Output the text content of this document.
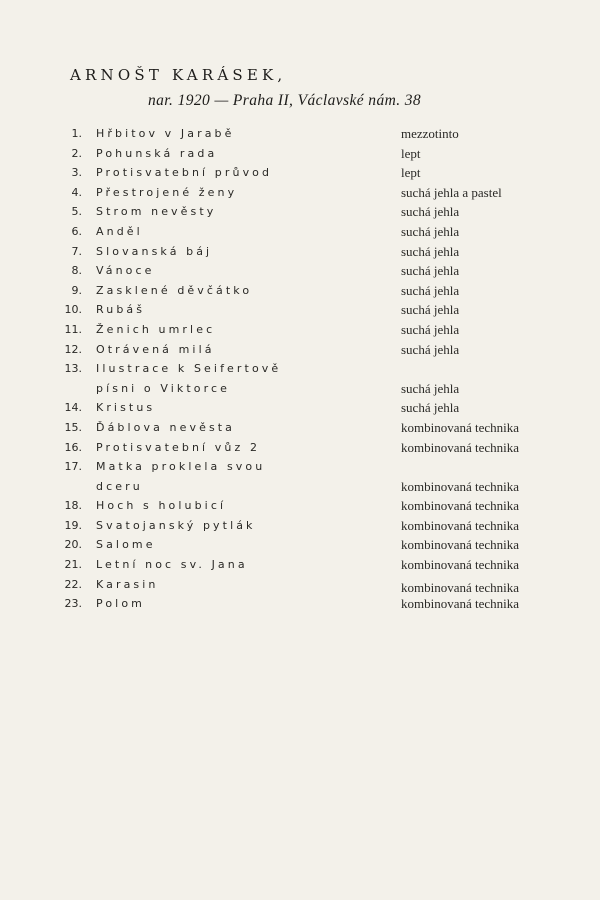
ARNOŠT KARÁSEK,
nar. 1920 — Praha II, Václavské nám. 38
1. Hřbitov v Jarabě	mezzotinto
2. Pohunská rada	lept
3. Protisvatební průvod	lept
4. Přestrojené ženy	suchá jehla a pastel
5. Strom nevěsty	suchá jehla
6. Anděl	suchá jehla
7. Slovanská báj	suchá jehla
8. Vánoce	suchá jehla
9. Zasklené děvčátko	suchá jehla
10. Rubáš	suchá jehla
11. Ženich umrlec	suchá jehla
12. Otrávená milá	suchá jehla
13. Ilustrace k Seifertově
písni o Viktorce	suchá jehla
14. Kristus	suchá jehla
15. Ďáblova nevěsta	kombinovaná technika
16. Protisvatební vůz 2	kombinovaná technika
17. Matka proklela svou
dceru	kombinovaná technika
18. Hoch s holubicí	kombinovaná technika
19. Svatojanský pytlák	kombinovaná technika
20. Salome	kombinovaná technika
21. Letní noc sv. Jana	kombinovaná technika
22. Karasin	kombinovaná technika
23. Polom	kombinovaná technika
